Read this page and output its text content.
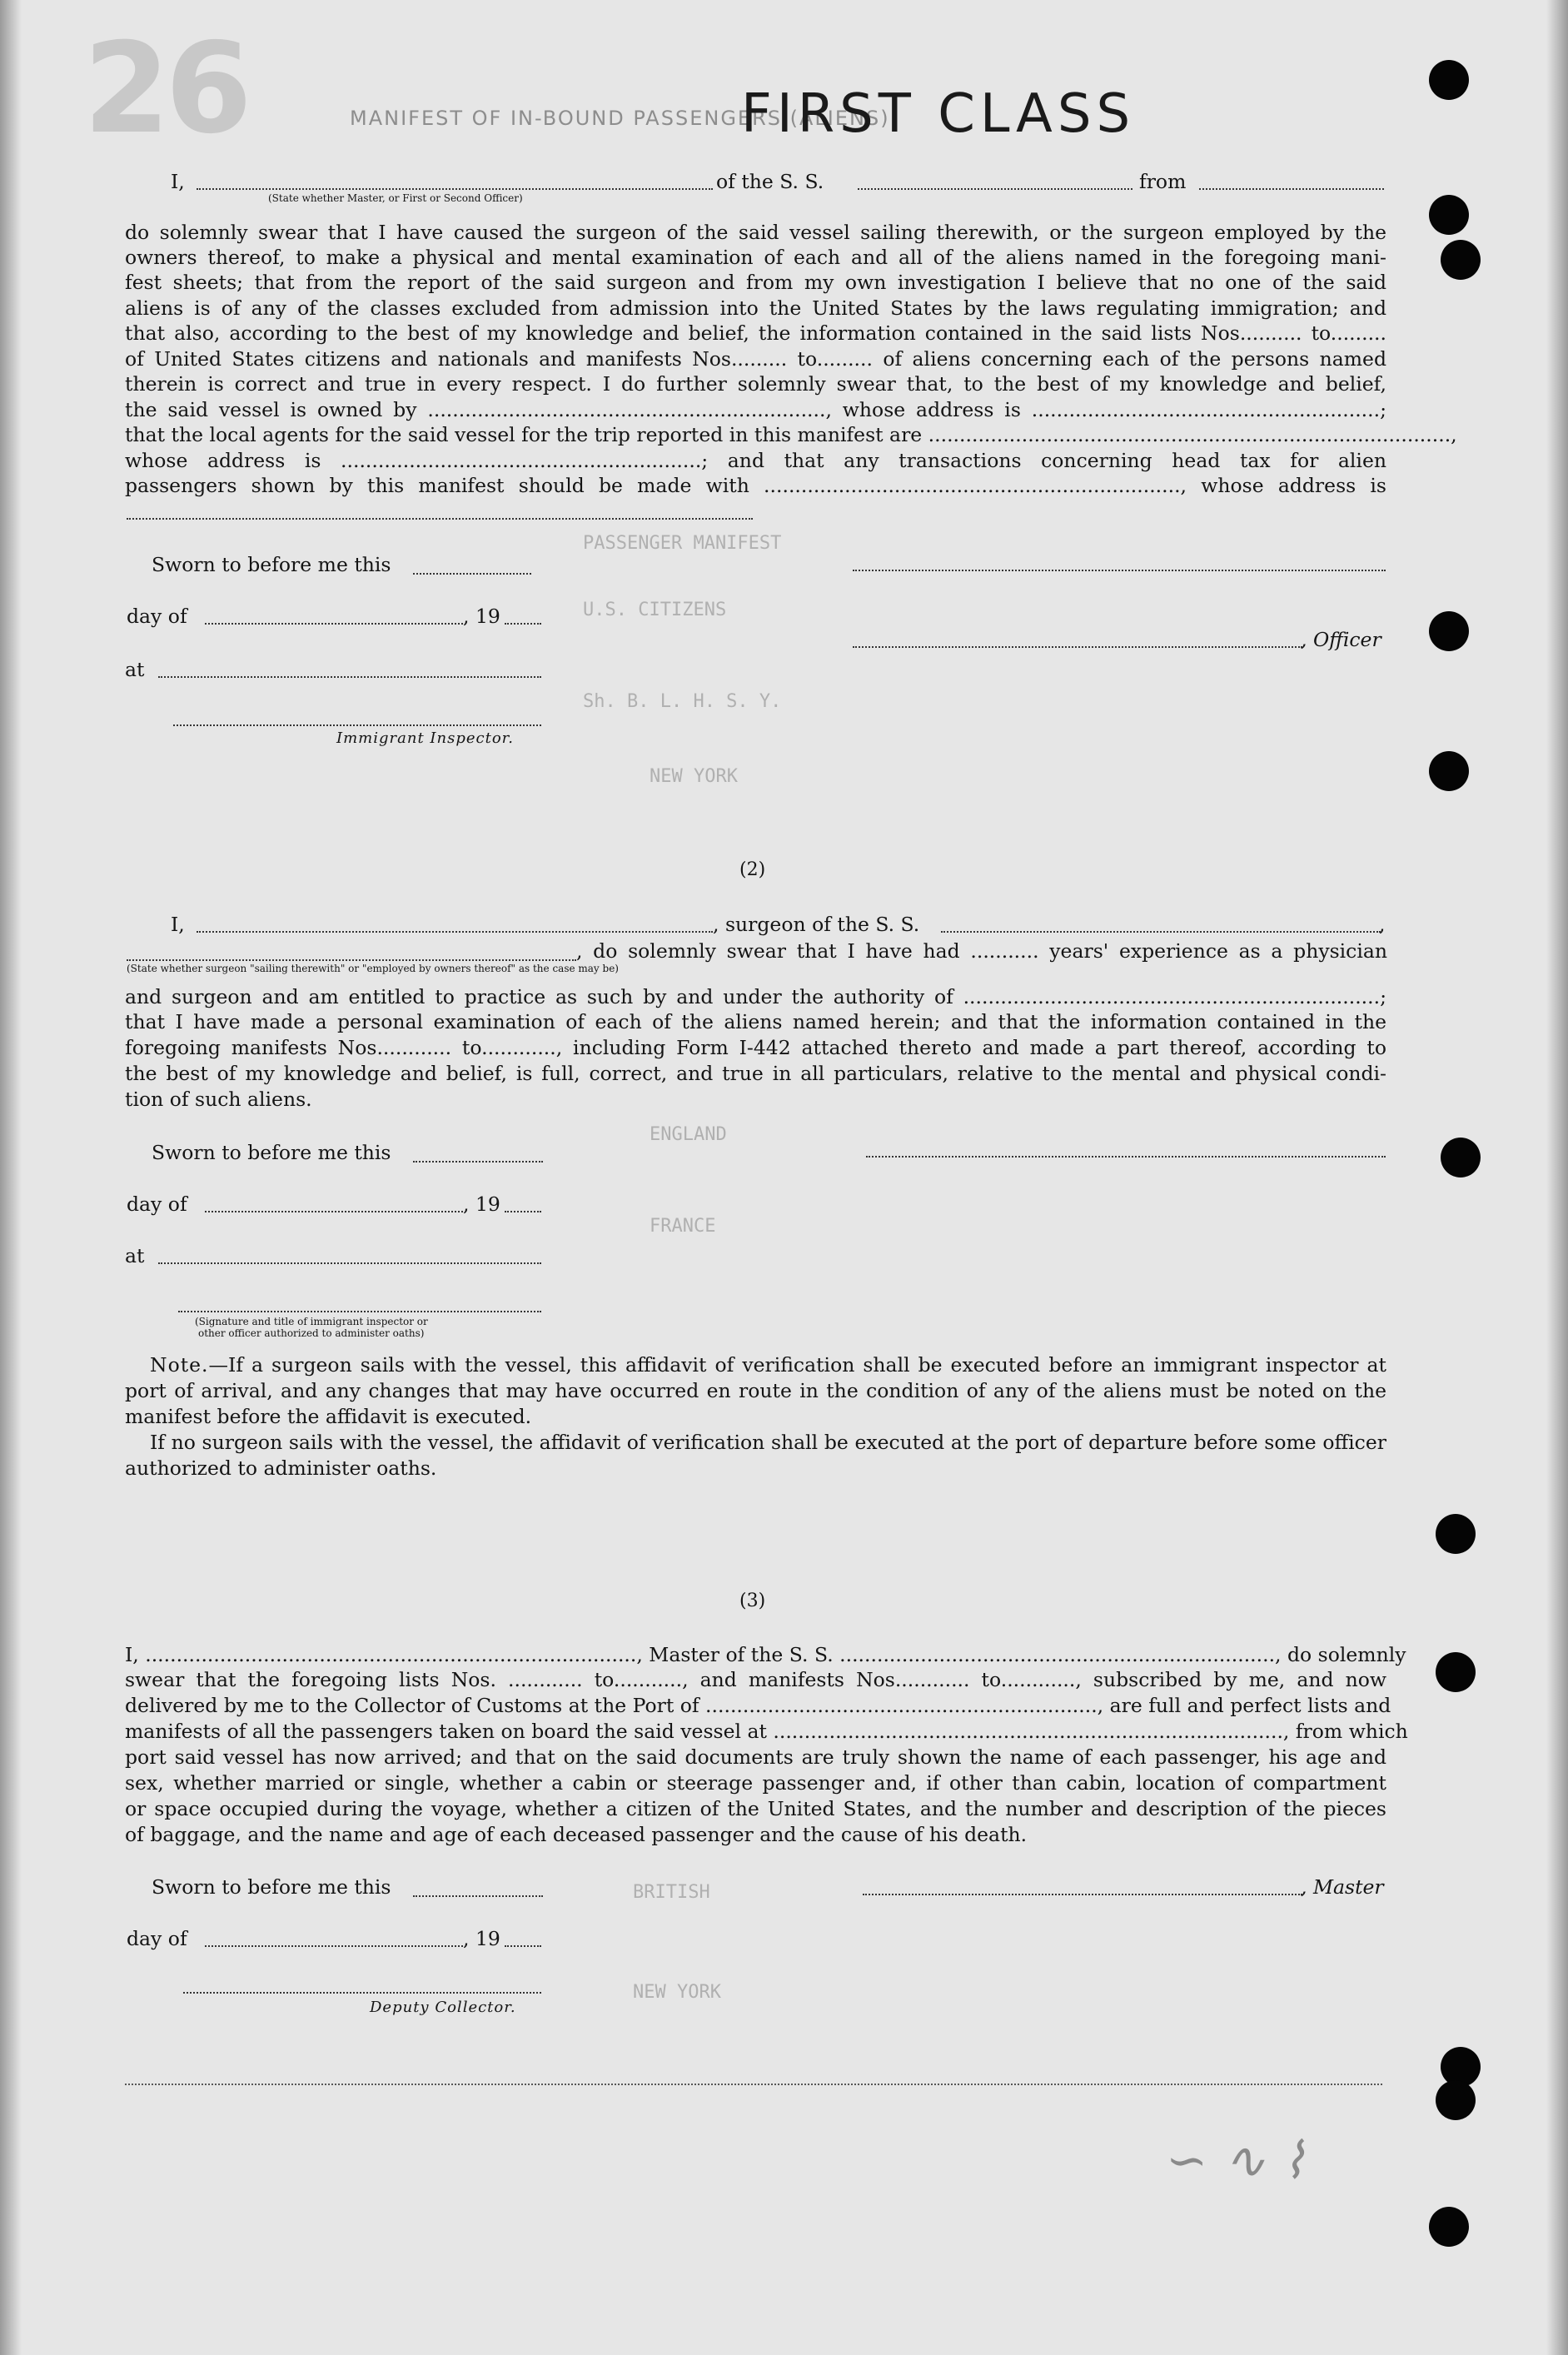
PASSENGER MANIFEST
U.S. CITIZENS
Sh. B. L. H. S. Y.
NEW YORK
ENGLAND
FRANCE
BRITISH
NEW YORK
∽ ∿ ⌇
26	MANIFEST OF IN-BOUND PASSENGERS (ALIENS)
FIRST CLASS
I,	of the S. S.	from
(State whether Master, or First or Second Officer)
do solemnly swear that I have caused the surgeon of the said vessel sailing therewith, or the surgeon employed by the
owners thereof, to make a physical and mental examination of each and all of the aliens named in the foregoing mani-
fest sheets; that from the report of the said surgeon and from my own investigation I believe that no one of the said
aliens is of any of the classes excluded from admission into the United States by the laws regulating immigration; and
that also, according to the best of my knowledge and belief, the information contained in the said lists Nos.......... to.........
of United States citizens and nationals and manifests Nos......... to......... of aliens concerning each of the persons named
therein is correct and true in every respect. I do further solemnly swear that, to the best of my knowledge and belief,
the said vessel is owned by ................................................................, whose address is ........................................................;
that the local agents for the said vessel for the trip reported in this manifest are ....................................................................................,
whose address is ..........................................................; and that any transactions concerning head tax for alien
passengers shown by this manifest should be made with ..................................................................., whose address is
Sworn to before me this
day of	, 19
, Officer
at
Immigrant Inspector.
(2)
I,	, surgeon of the S. S.	,
, do solemnly swear that I have had ........... years' experience as a physician
(State whether surgeon "sailing therewith" or "employed by owners thereof" as the case may be)
and surgeon and am entitled to practice as such by and under the authority of ...................................................................;
that I have made a personal examination of each of the aliens named herein; and that the information contained in the
foregoing manifests Nos............ to............, including Form I-442 attached thereto and made a part thereof, according to
the best of my knowledge and belief, is full, correct, and true in all particulars, relative to the mental and physical condi-
tion of such aliens.
Sworn to before me this
day of	, 19
at
(Signature and title of immigrant inspector or
other officer authorized to administer oaths)

Note.—If a surgeon sails with the vessel, this affidavit of verification shall be executed before an immigrant inspector at port of arrival, and any changes that may have occurred en route in the condition of any of the aliens must be noted on the manifest before the affidavit is executed.

If no surgeon sails with the vessel, the affidavit of verification shall be executed at the port of departure before some officer authorized to administer oaths.

(3)
I, ..............................................................................., Master of the S. S. ......................................................................, do solemnly
swear that the foregoing lists Nos. ............ to..........., and manifests Nos............ to............, subscribed by me, and now
delivered by me to the Collector of Customs at the Port of ..............................................................., are full and perfect lists and
manifests of all the passengers taken on board the said vessel at .................................................................................., from which
port said vessel has now arrived; and that on the said documents are truly shown the name of each passenger, his age and
sex, whether married or single, whether a cabin or steerage passenger and, if other than cabin, location of compartment
or space occupied during the voyage, whether a citizen of the United States, and the number and description of the pieces
of baggage, and the name and age of each deceased passenger and the cause of his death.
Sworn to before me this	, Master
day of	, 19
Deputy Collector.
